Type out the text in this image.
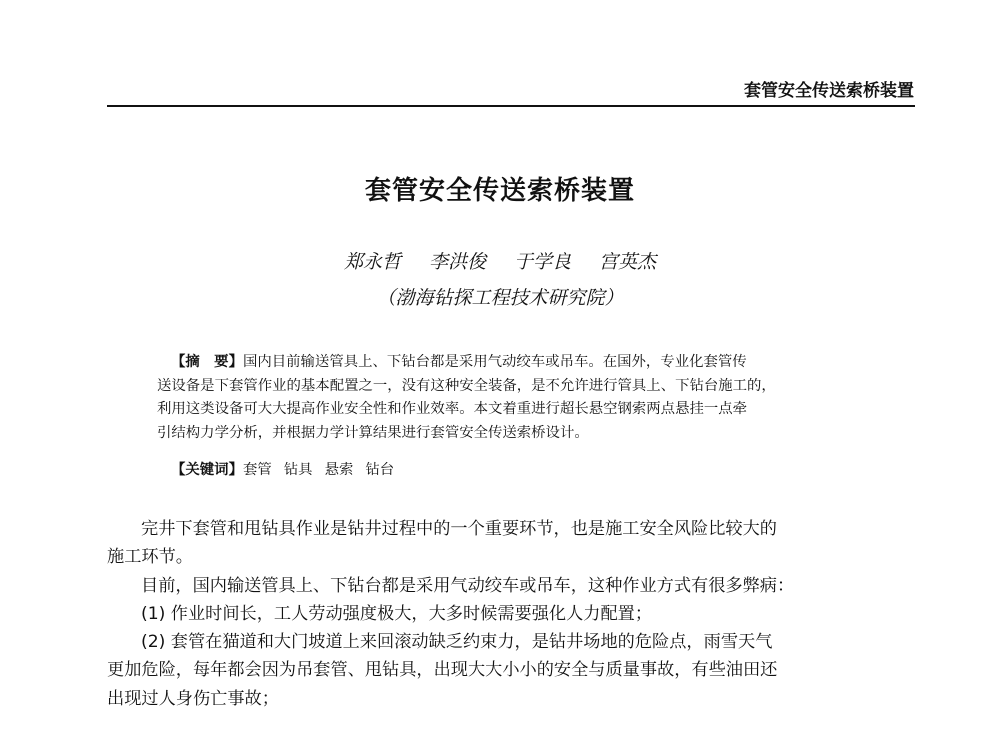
套管安全传送索桥装置
套管安全传送索桥装置
郑永哲 李洪俊 于学良 宫英杰
（渤海钻探工程技术研究院）
【摘　要】国内目前输送管具上、下钻台都是采用气动绞车或吊车。在国外，专业化套管传
送设备是下套管作业的基本配置之一，没有这种安全装备，是不允许进行管具上、下钻台施工的，
利用这类设备可大大提高作业安全性和作业效率。本文着重进行超长悬空钢索两点悬挂一点牵
引结构力学分析，并根据力学计算结果进行套管安全传送索桥设计。
【关键词】套管 钻具 悬索 钻台
完井下套管和甩钻具作业是钻井过程中的一个重要环节，也是施工安全风险比较大的
施工环节。
目前，国内输送管具上、下钻台都是采用气动绞车或吊车，这种作业方式有很多弊病：
(1) 作业时间长，工人劳动强度极大，大多时候需要强化人力配置；
(2) 套管在猫道和大门坡道上来回滚动缺乏约束力，是钻井场地的危险点，雨雪天气
更加危险，每年都会因为吊套管、甩钻具，出现大大小小的安全与质量事故，有些油田还
出现过人身伤亡事故；
